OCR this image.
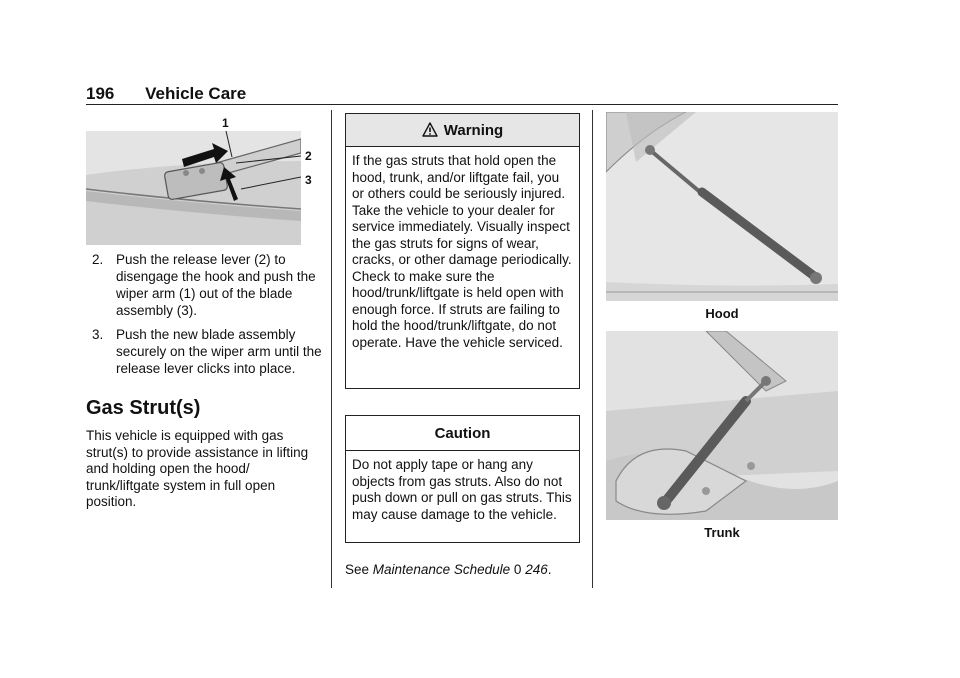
196 Vehicle Care
1
2
3
2. Push the release lever (2) to disengage the hook and push the wiper arm (1) out of the blade assembly (3).
3. Push the new blade assembly securely on the wiper arm until the release lever clicks into place.
Gas Strut(s)

This vehicle is equipped with gas strut(s) to provide assistance in lifting and holding open the hood/ trunk/liftgate system in full open position.

Warning
If the gas struts that hold open the hood, trunk, and/or liftgate fail, you or others could be seriously injured. Take the vehicle to your dealer for service immediately. Visually inspect the gas struts for signs of wear, cracks, or other damage periodically. Check to make sure the hood/trunk/liftgate is held open with enough force. If struts are failing to hold the hood/trunk/liftgate, do not operate. Have the vehicle serviced.
Caution
Do not apply tape or hang any objects from gas struts. Also do not push down or pull on gas struts. This may cause damage to the vehicle.
See Maintenance Schedule 0 246.
Hood
Trunk
